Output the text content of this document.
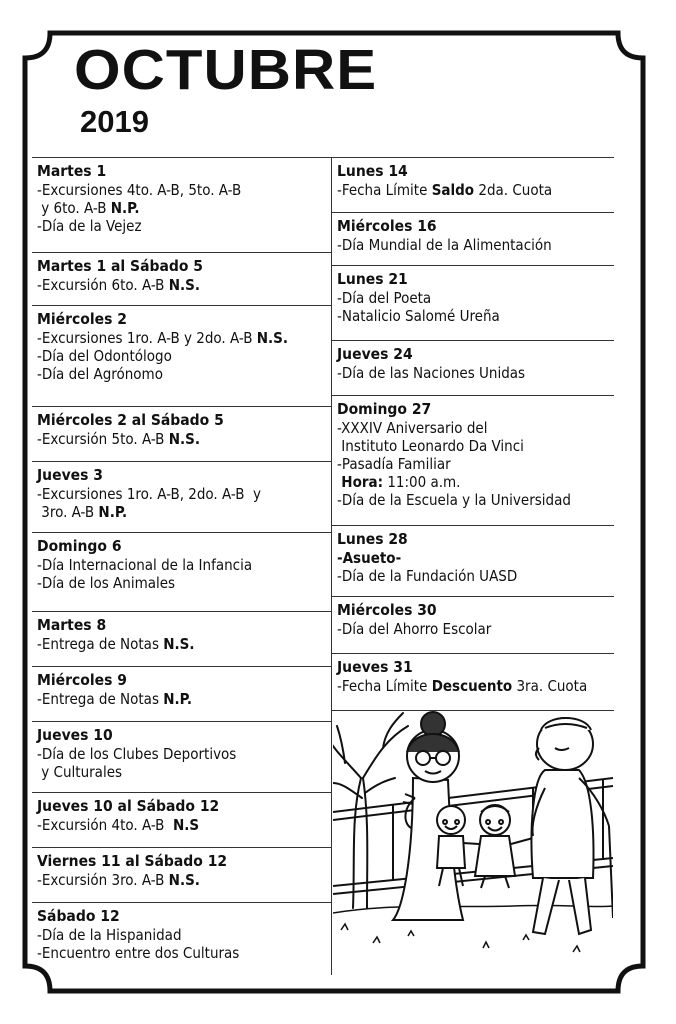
OCTUBRE
2019
Martes 1
-Excursiones 4to. A-B, 5to. A-B
y 6to. A-B N.P.
-Día de la Vejez
Martes 1 al Sábado 5
-Excursión 6to. A-B N.S.
Miércoles 2
-Excursiones 1ro. A-B y 2do. A-B N.S.
-Día del Odontólogo
-Día del Agrónomo
Miércoles 2 al Sábado 5
-Excursión 5to. A-B N.S.
Jueves 3
-Excursiones 1ro. A-B, 2do. A-B  y
3ro. A-B N.P.
Domingo 6
-Día Internacional de la Infancia
-Día de los Animales
Martes 8
-Entrega de Notas N.S.
Miércoles 9
-Entrega de Notas N.P.
Jueves 10
-Día de los Clubes Deportivos
y Culturales
Jueves 10 al Sábado 12
-Excursión 4to. A-B  N.S
Viernes 11 al Sábado 12
-Excursión 3ro. A-B N.S.
Sábado 12
-Día de la Hispanidad
-Encuentro entre dos Culturas
Lunes 14
-Fecha Límite Saldo 2da. Cuota
Miércoles 16
-Día Mundial de la Alimentación
Lunes 21
-Día del Poeta
-Natalicio Salomé Ureña
Jueves 24
-Día de las Naciones Unidas
Domingo 27
-XXXIV Aniversario del
Instituto Leonardo Da Vinci
-Pasadía Familiar
Hora: 11:00 a.m.
-Día de la Escuela y la Universidad
Lunes 28
-Asueto-
-Día de la Fundación UASD
Miércoles 30
-Día del Ahorro Escolar
Jueves 31
-Fecha Límite Descuento 3ra. Cuota
